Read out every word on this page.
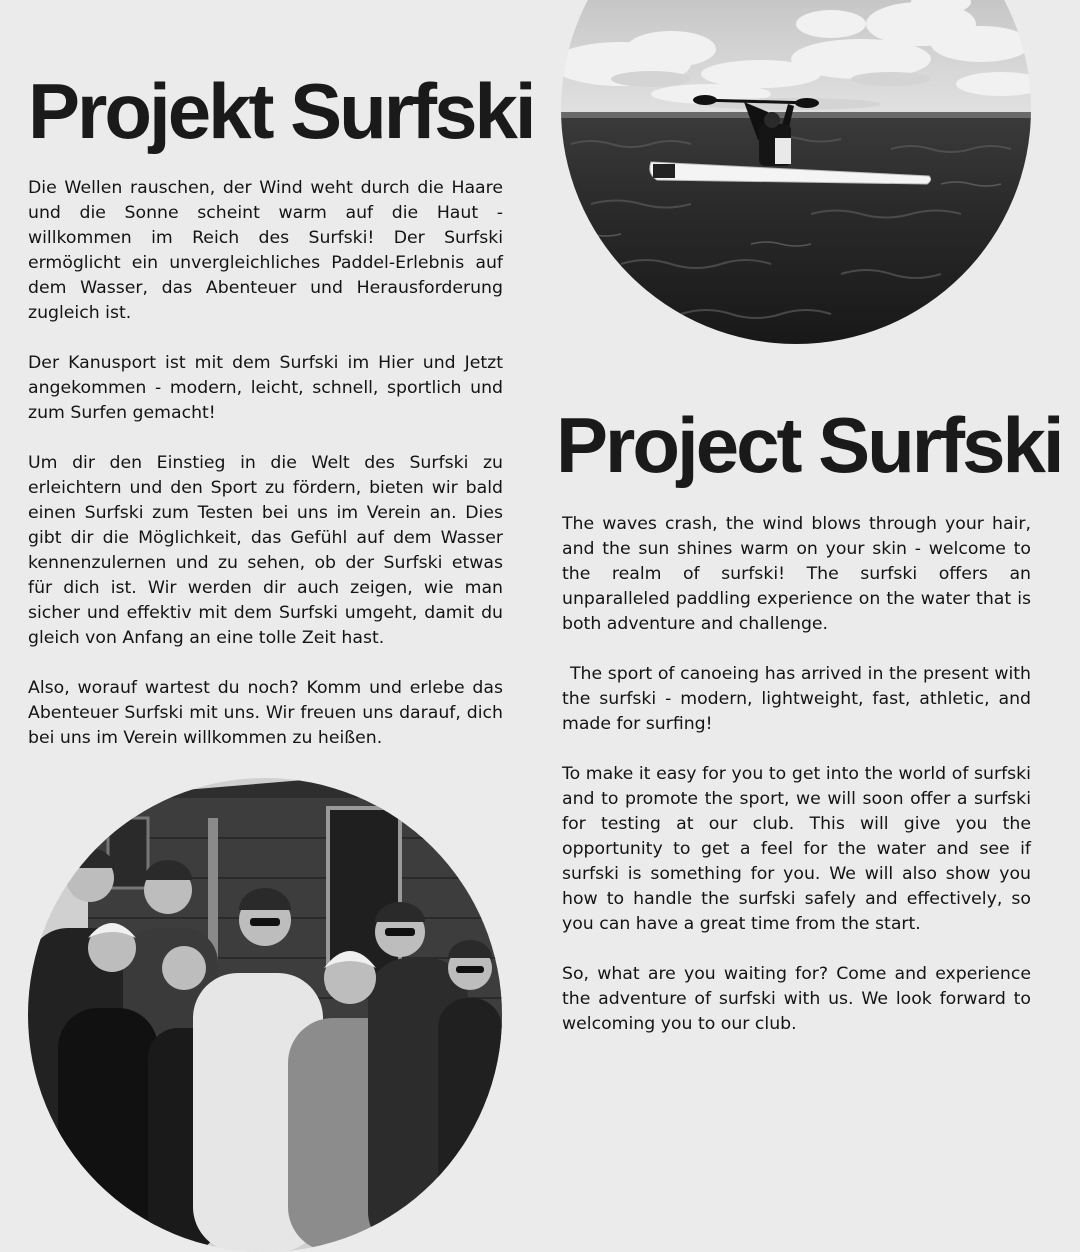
Projekt Surfski

Die Wellen rauschen, der Wind weht durch die Haare und die Sonne scheint warm auf die Haut - willkommen im Reich des Surfski! Der Surfski ermöglicht ein unvergleichliches Paddel-Erlebnis auf dem Wasser, das Abenteuer und Herausforderung zugleich ist.

Der Kanusport ist mit dem Surfski im Hier und Jetzt angekommen - modern, leicht, schnell, sportlich und zum Surfen gemacht!

Um dir den Einstieg in die Welt des Surfski zu erleichtern und den Sport zu fördern, bieten wir bald einen Surfski zum Testen bei uns im Verein an. Dies gibt dir die Möglichkeit, das Gefühl auf dem Wasser kennenzulernen und zu sehen, ob der Surfski etwas für dich ist. Wir werden dir auch zeigen, wie man sicher und effektiv mit dem Surfski umgeht, damit du gleich von Anfang an eine tolle Zeit hast.

Also, worauf wartest du noch? Komm und erlebe das Abenteuer Surfski mit uns. Wir freuen uns darauf, dich bei uns im Verein willkommen zu heißen.

Project Surfski

The waves crash, the wind blows through your hair, and the sun shines warm on your skin - welcome to the realm of surfski! The surfski offers an unparalleled paddling experience on the water that is both adventure and challenge.

The sport of canoeing has arrived in the present with the surfski - modern, lightweight, fast, athletic, and made for surfing!

To make it easy for you to get into the world of surfski and to promote the sport, we will soon offer a surfski for testing at our club. This will give you the opportunity to get a feel for the water and see if surfski is something for you. We will also show you how to handle the surfski safely and effectively, so you can have a great time from the start.

So, what are you waiting for? Come and experience the adventure of surfski with us. We look forward to welcoming you to our club.
